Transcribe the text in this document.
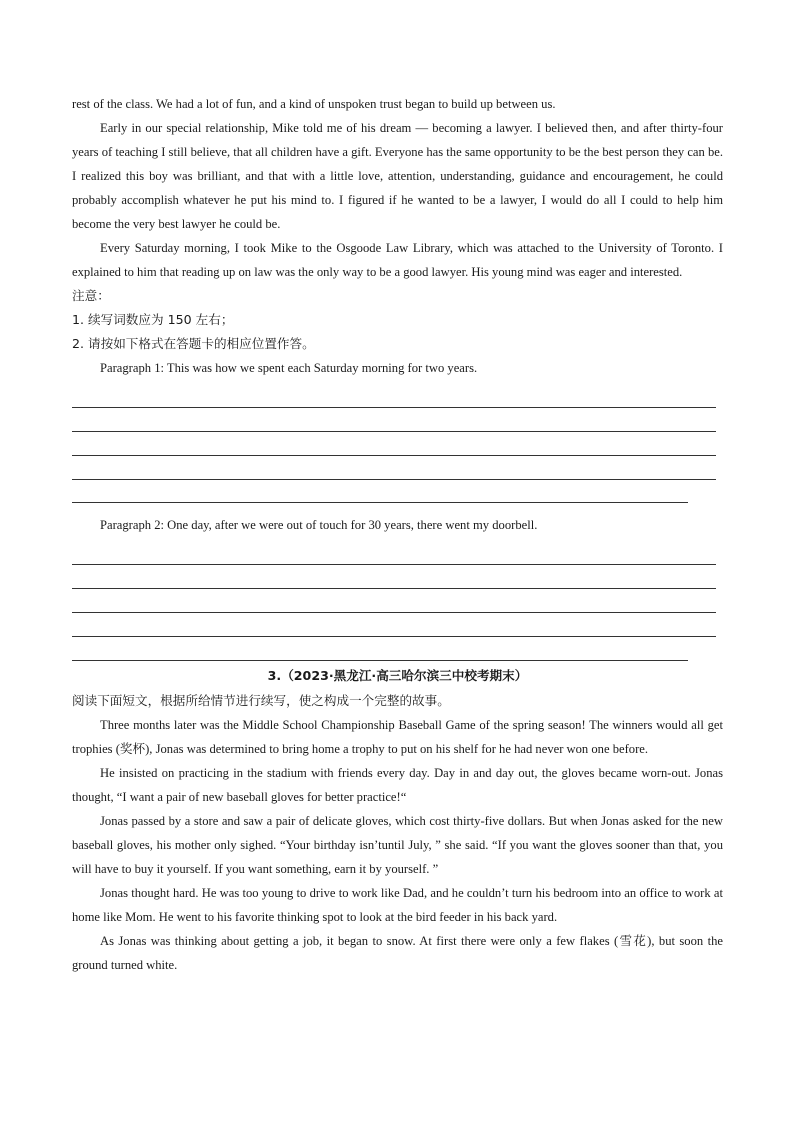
rest of the class. We had a lot of fun, and a kind of unspoken trust began to build up between us.

Early in our special relationship, Mike told me of his dream — becoming a lawyer. I believed then, and after thirty-four years of teaching I still believe, that all children have a gift. Everyone has the same opportunity to be the best person they can be. I realized this boy was brilliant, and that with a little love, attention, understanding, guidance and encouragement, he could probably accomplish whatever he put his mind to. I figured if he wanted to be a lawyer, I would do all I could to help him become the very best lawyer he could be.

Every Saturday morning, I took Mike to the Osgoode Law Library, which was attached to the University of Toronto. I explained to him that reading up on law was the only way to be a good lawyer. His young mind was eager and interested.

注意：
1. 续写词数应为 150 左右；
2. 请按如下格式在答题卡的相应位置作答。

Paragraph 1: This was how we spent each Saturday morning for two years.

Paragraph 2: One day, after we were out of touch for 30 years, there went my doorbell.

3.（2023·黑龙江·高三哈尔滨三中校考期末）
阅读下面短文，根据所给情节进行续写，使之构成一个完整的故事。

Three months later was the Middle School Championship Baseball Game of the spring season! The winners would all get trophies (奖杯), Jonas was determined to bring home a trophy to put on his shelf for he had never won one before.

He insisted on practicing in the stadium with friends every day. Day in and day out, the gloves became worn-out. Jonas thought, “I want a pair of new baseball gloves for better practice!“

Jonas passed by a store and saw a pair of delicate gloves, which cost thirty-five dollars. But when Jonas asked for the new baseball gloves, his mother only sighed. “Your birthday isn’tuntil July, ” she said. “If you want the gloves sooner than that, you will have to buy it yourself. If you want something, earn it by yourself. ”

Jonas thought hard. He was too young to drive to work like Dad, and he couldn’t turn his bedroom into an office to work at home like Mom. He went to his favorite thinking spot to look at the bird feeder in his back yard.

As Jonas was thinking about getting a job, it began to snow. At first there were only a few flakes (雪花), but soon the ground turned white.
